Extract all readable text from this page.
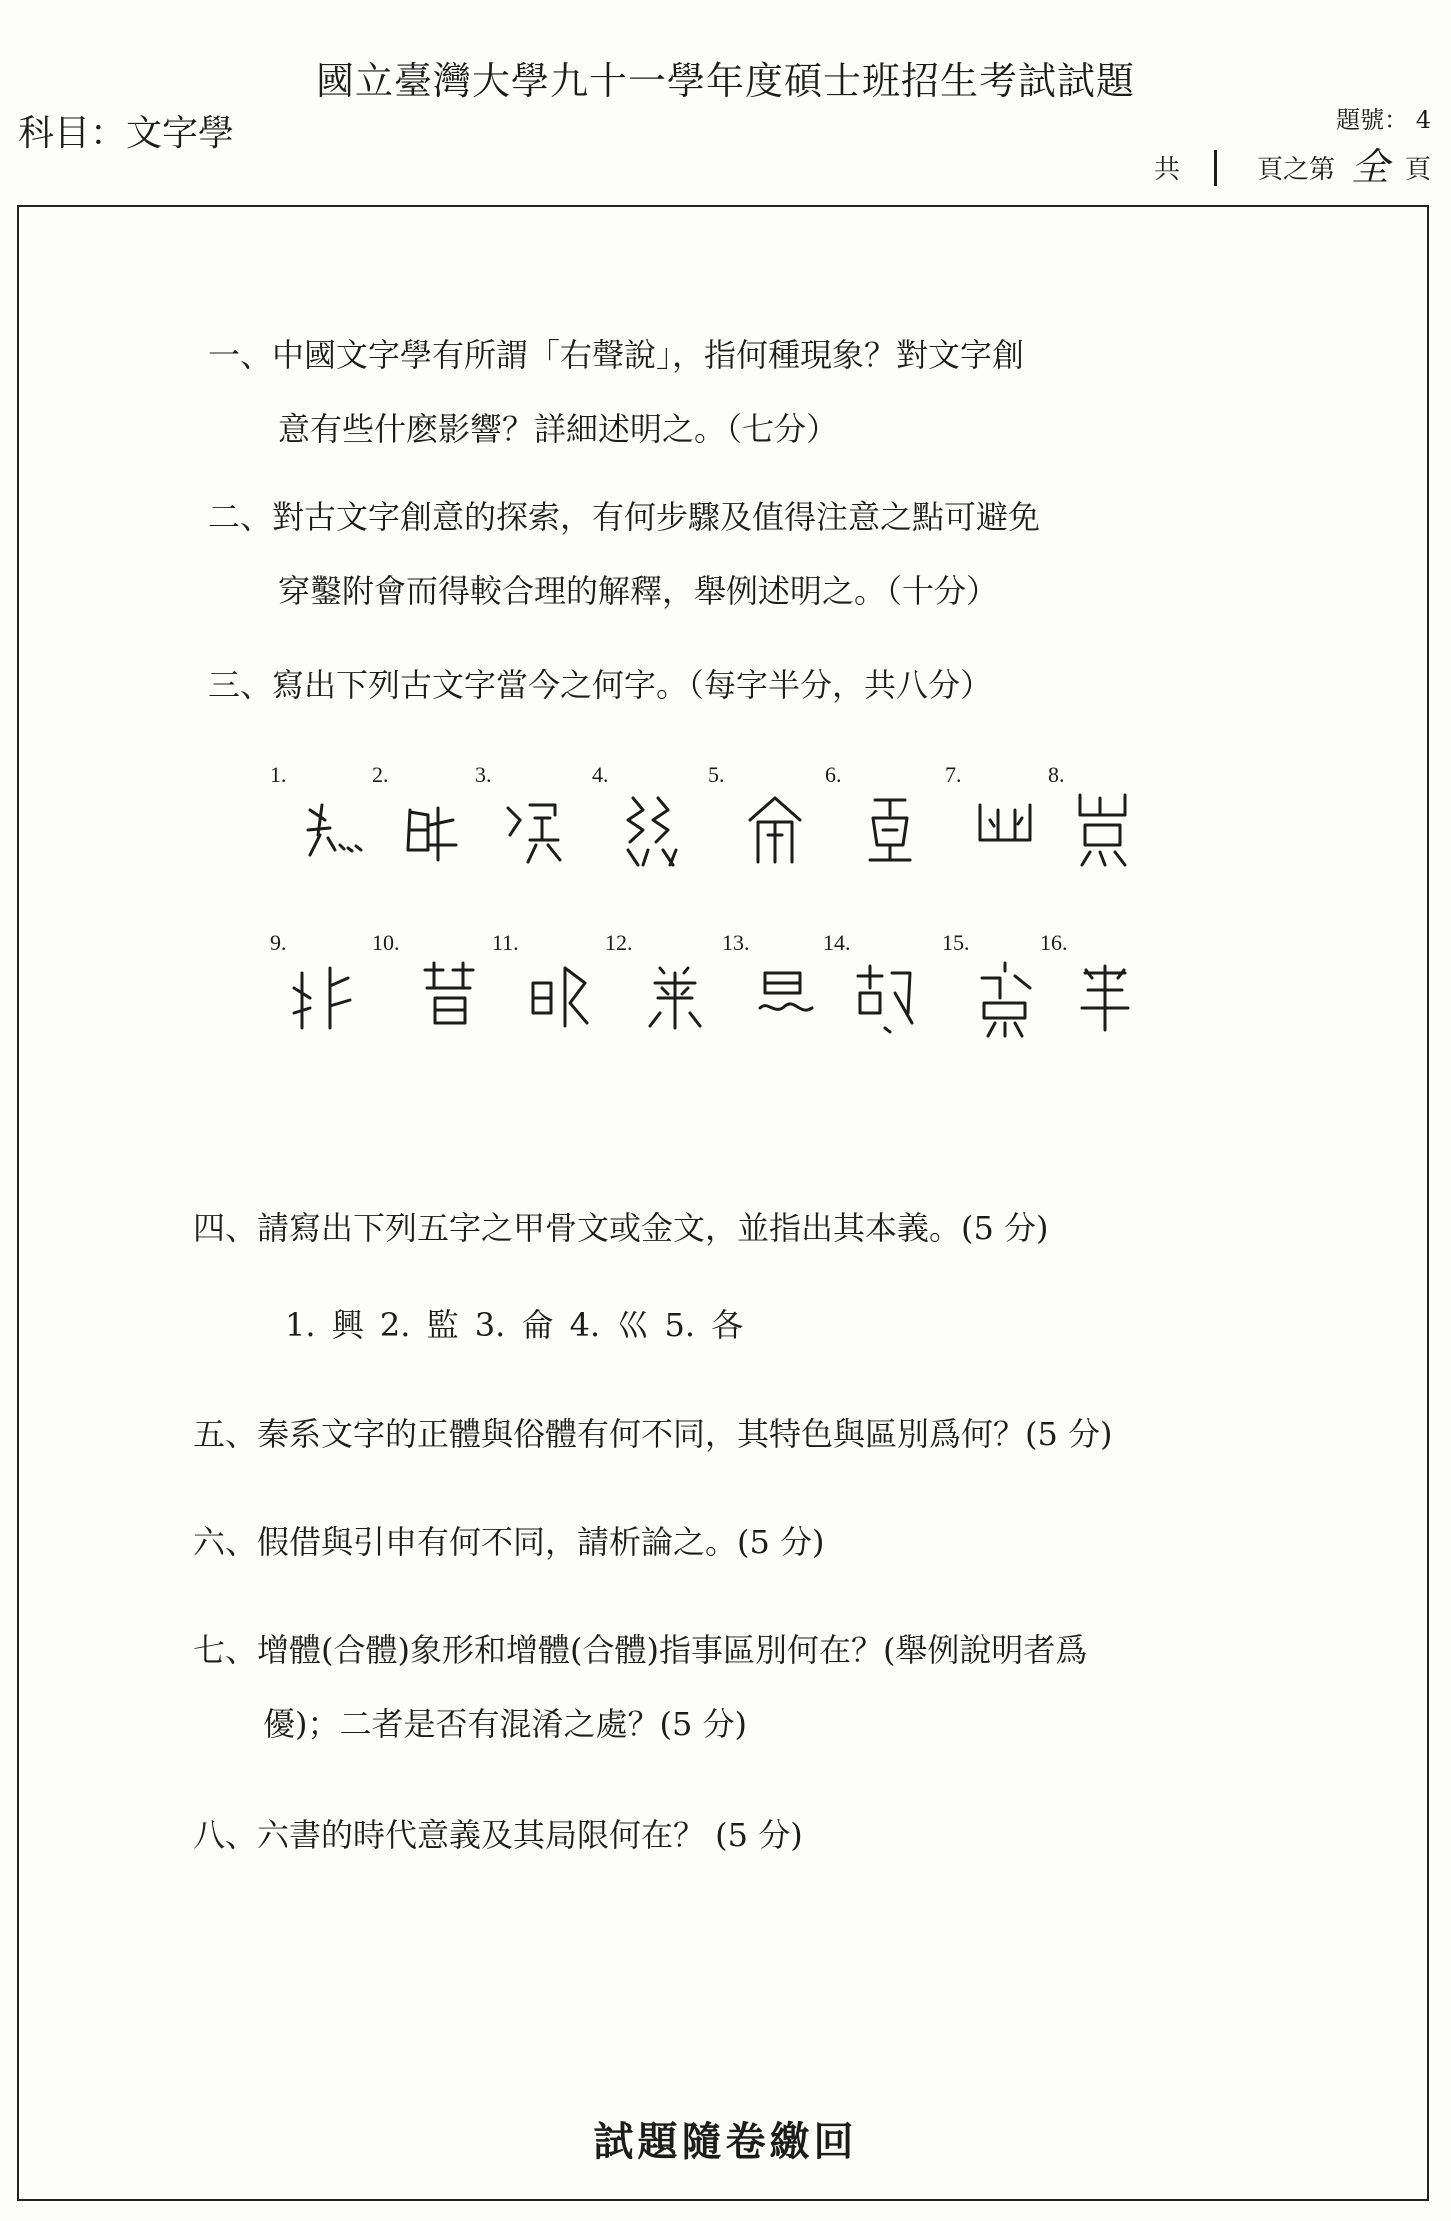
國立臺灣大學九十一學年度碩士班招生考試試題
科目：文字學	題號： 4
共	頁之第 全 頁
一、中國文字學有所謂「右聲說」，指何種現象？對文字創
意有些什麽影響？詳細述明之。（七分）
二、對古文字創意的探索，有何步驟及值得注意之點可避免
穿鑿附會而得較合理的解釋，舉例述明之。（十分）
三、寫出下列古文字當今之何字。（每字半分，共八分）
1.	2.	3.	4.	5.	6.	7.	8.
9.	10.	11.	12.	13.	14.	15.	16.
四、請寫出下列五字之甲骨文或金文，並指出其本義。(5 分)
1. 興 2. 監 3. 侖 4. 巛 5. 各
五、秦系文字的正體與俗體有何不同，其特色與區別爲何？(5 分)
六、假借與引申有何不同，請析論之。(5 分)
七、增體(合體)象形和增體(合體)指事區別何在？(舉例說明者爲
優)；二者是否有混淆之處？(5 分)
八、六書的時代意義及其局限何在？ (5 分)
試題隨卷繳回
